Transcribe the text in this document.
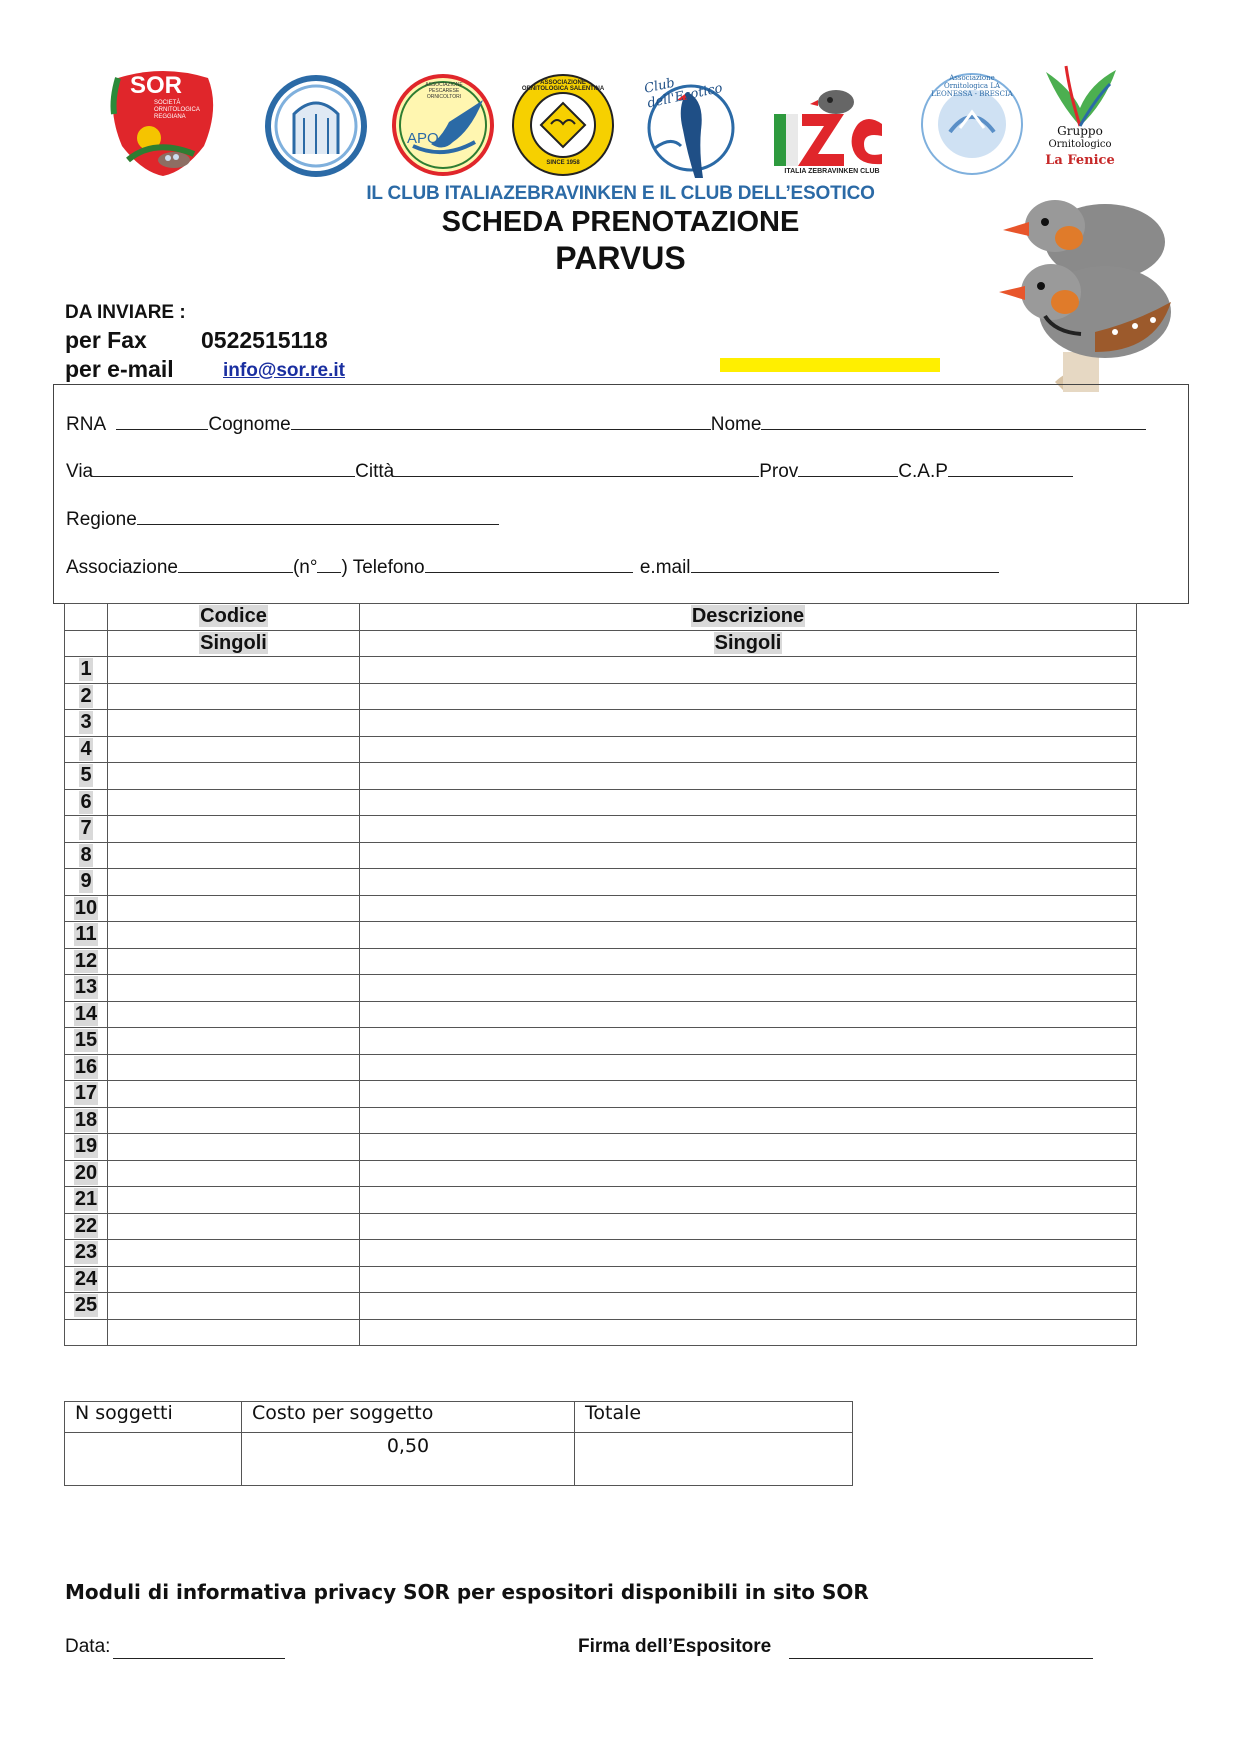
SOR
SOCIETÀ ORNITOLOGICA REGGIANA
APO
ASSOCIAZIONE PESCARESE ORNICOLTORI
ASSOCIAZIONE ORNITOLOGICA SALENTINA
SINCE 1958
Club dell'Esotico
ITALIA ZEBRAVINKEN CLUB
Associazione Ornitologica LA LEONESSA - BRESCIA
Gruppo
Ornitologico
La Fenice
IL CLUB ITALIAZEBRAVINKEN E IL CLUB DELL’ESOTICO
SCHEDA PRENOTAZIONE
PARVUS
DA INVIARE :
per Fax 0522515118
per e-mail	info@sor.re.it
RNA	Cognome	Nome
Via	Città	Prov	C.A.P
Regione
Associazione	(n° ) Telefono	e.mail
	Codice	Descrizione
	Singoli	Singoli
1		
2		
3		
4		
5		
6		
7		
8		
9		
10		
11		
12		
13		
14		
15		
16		
17		
18		
19		
20		
21		
22		
23		
24		
25		

N soggetti	Costo per soggetto	Totale
	0,50	
Moduli di informativa privacy SOR per espositori disponibili in sito SOR
Data:	Firma dell’Espositore
